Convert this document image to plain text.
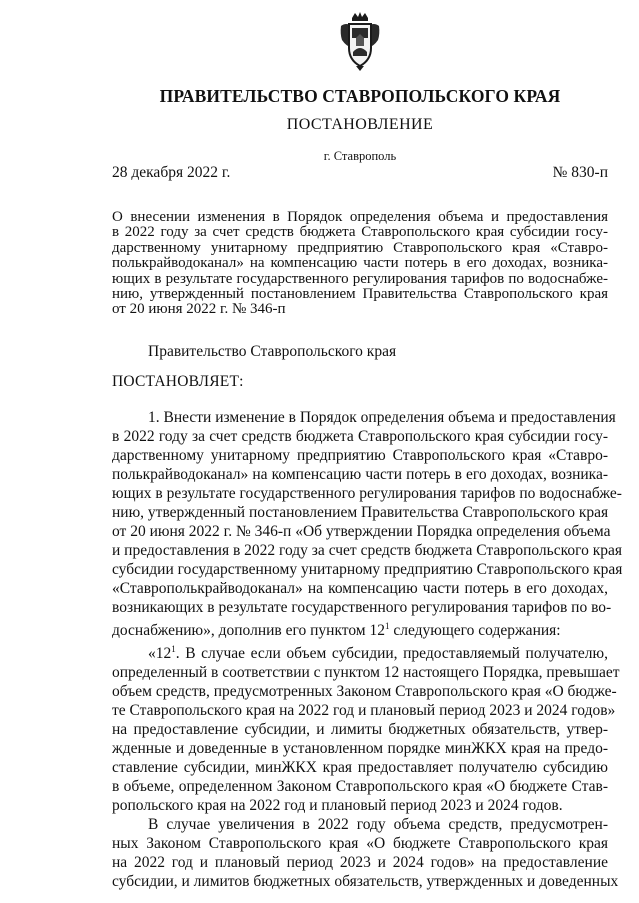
ПРАВИТЕЛЬСТВО СТАВРОПОЛЬСКОГО КРАЯ
ПОСТАНОВЛЕНИЕ
г. Ставрополь
28 декабря 2022 г.	№ 830-п
О внесении изменения в Порядок определения объема и предоставления
в 2022 году за счет средств бюджета Ставропольского края субсидии госу-
дарственному унитарному предприятию Ставропольского края «Ставро-
полькрайводоканал» на компенсацию части потерь в его доходах, возника-
ющих в результате государственного регулирования тарифов по водоснабже-
нию, утвержденный постановлением Правительства Ставропольского края
от 20 июня 2022 г. № 346-п
Правительство Ставропольского края
ПОСТАНОВЛЯЕТ:
1. Внести изменение в Порядок определения объема и предоставления
в 2022 году за счет средств бюджета Ставропольского края субсидии госу-
дарственному унитарному предприятию Ставропольского края «Ставро-
полькрайводоканал» на компенсацию части потерь в его доходах, возника-
ющих в результате государственного регулирования тарифов по водоснабже-
нию, утвержденный постановлением Правительства Ставропольского края
от 20 июня 2022 г. № 346-п «Об утверждении Порядка определения объема
и предоставления в 2022 году за счет средств бюджета Ставропольского края
субсидии государственному унитарному предприятию Ставропольского края
«Ставрополькрайводоканал» на компенсацию части потерь в его доходах,
возникающих в результате государственного регулирования тарифов по во-
доснабжению», дополнив его пунктом $12^1$ следующего содержания:
«$12^1$. В случае если объем субсидии, предоставляемый получателю,
определенный в соответствии с пунктом 12 настоящего Порядка, превышает
объем средств, предусмотренных Законом Ставропольского края «О бюдже-
те Ставропольского края на 2022 год и плановый период 2023 и 2024 годов»
на предоставление субсидии, и лимиты бюджетных обязательств, утвер-
жденные и доведенные в установленном порядке минЖКХ края на предо-
ставление субсидии, минЖКХ края предоставляет получателю субсидию
в объеме, определенном Законом Ставропольского края «О бюджете Став-
ропольского края на 2022 год и плановый период 2023 и 2024 годов.
В случае увеличения в 2022 году объема средств, предусмотрен-
ных Законом Ставропольского края «О бюджете Ставропольского края
на 2022 год и плановый период 2023 и 2024 годов» на предоставление
субсидии, и лимитов бюджетных обязательств, утвержденных и доведенных
